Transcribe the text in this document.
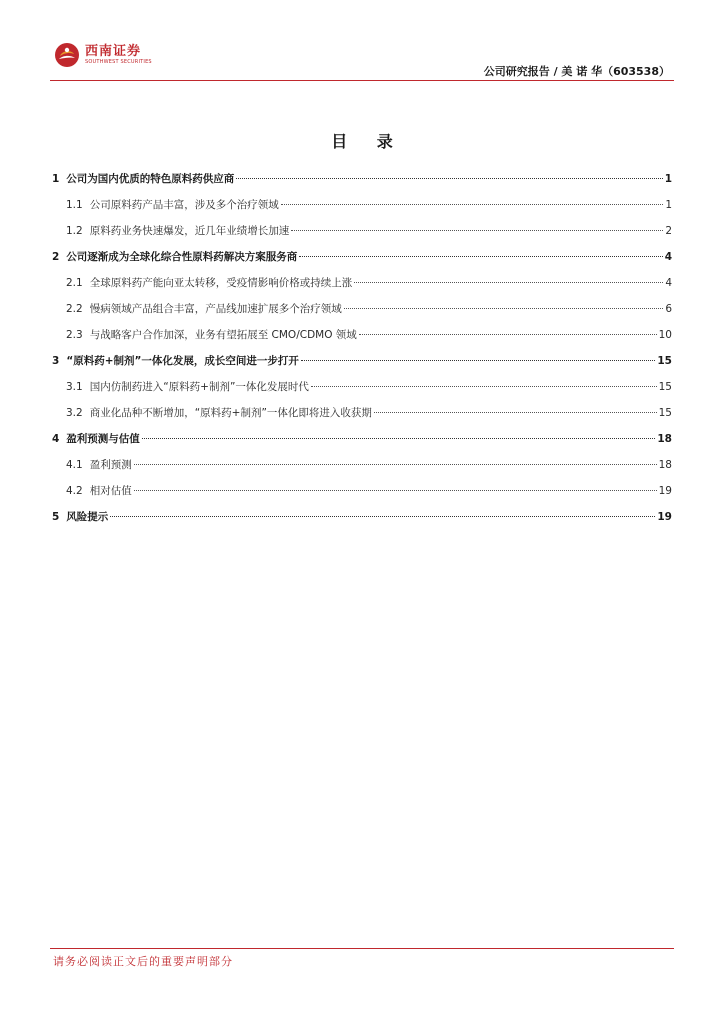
西南证券
SOUTHWEST SECURITIES
公司研究报告 / 美 诺 华（603538）
目 录
1 公司为国内优质的特色原料药供应商	1
1.1 公司原料药产品丰富，涉及多个治疗领域	1
1.2 原料药业务快速爆发，近几年业绩增长加速	2
2 公司逐渐成为全球化综合性原料药解决方案服务商	4
2.1 全球原料药产能向亚太转移，受疫情影响价格或持续上涨	4
2.2 慢病领域产品组合丰富，产品线加速扩展多个治疗领域	6
2.3 与战略客户合作加深，业务有望拓展至 CMO/CDMO 领域	10
3 “原料药+制剂”一体化发展，成长空间进一步打开	15
3.1 国内仿制药进入“原料药+制剂”一体化发展时代	15
3.2 商业化品种不断增加，“原料药+制剂”一体化即将进入收获期	15
4 盈利预测与估值	18
4.1 盈利预测	18
4.2 相对估值	19
5 风险提示	19
请务必阅读正文后的重要声明部分
